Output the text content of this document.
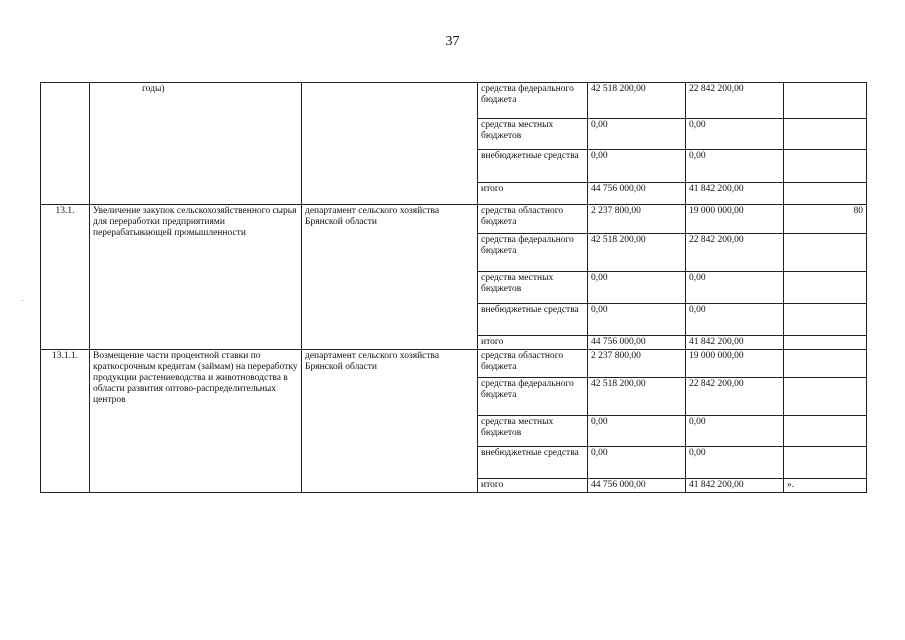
37
	годы)		средства федерального бюджета	42 518 200,00	22 842 200,00	
			средства местных бюджетов	0,00	0,00	
			внебюджетные средства	0,00	0,00	
			итого	44 756 000,00	41 842 200,00	
13.1.	Увеличение закупок сельскохозяйственного сырья для переработки предприятиями перерабатывающей промышленности	департамент сельского хозяйства Брянской области	средства областного бюджета	2 237 800,00	19 000 000,00	80
			средства федерального бюджета	42 518 200,00	22 842 200,00	
			средства местных бюджетов	0,00	0,00	
			внебюджетные средства	0,00	0,00	
			итого	44 756 000,00	41 842 200,00	
13.1.1.	Возмещение части процентной ставки по краткосрочным кредитам (займам) на переработку продукции растениеводства и животноводства в области развития оптово-распределительных центров	департамент сельского хозяйства Брянской области	средства областного бюджета	2 237 800,00	19 000 000,00	
			средства федерального бюджета	42 518 200,00	22 842 200,00	
			средства местных бюджетов	0,00	0,00	
			внебюджетные средства	0,00	0,00	
			итого	44 756 000,00	41 842 200,00	».
